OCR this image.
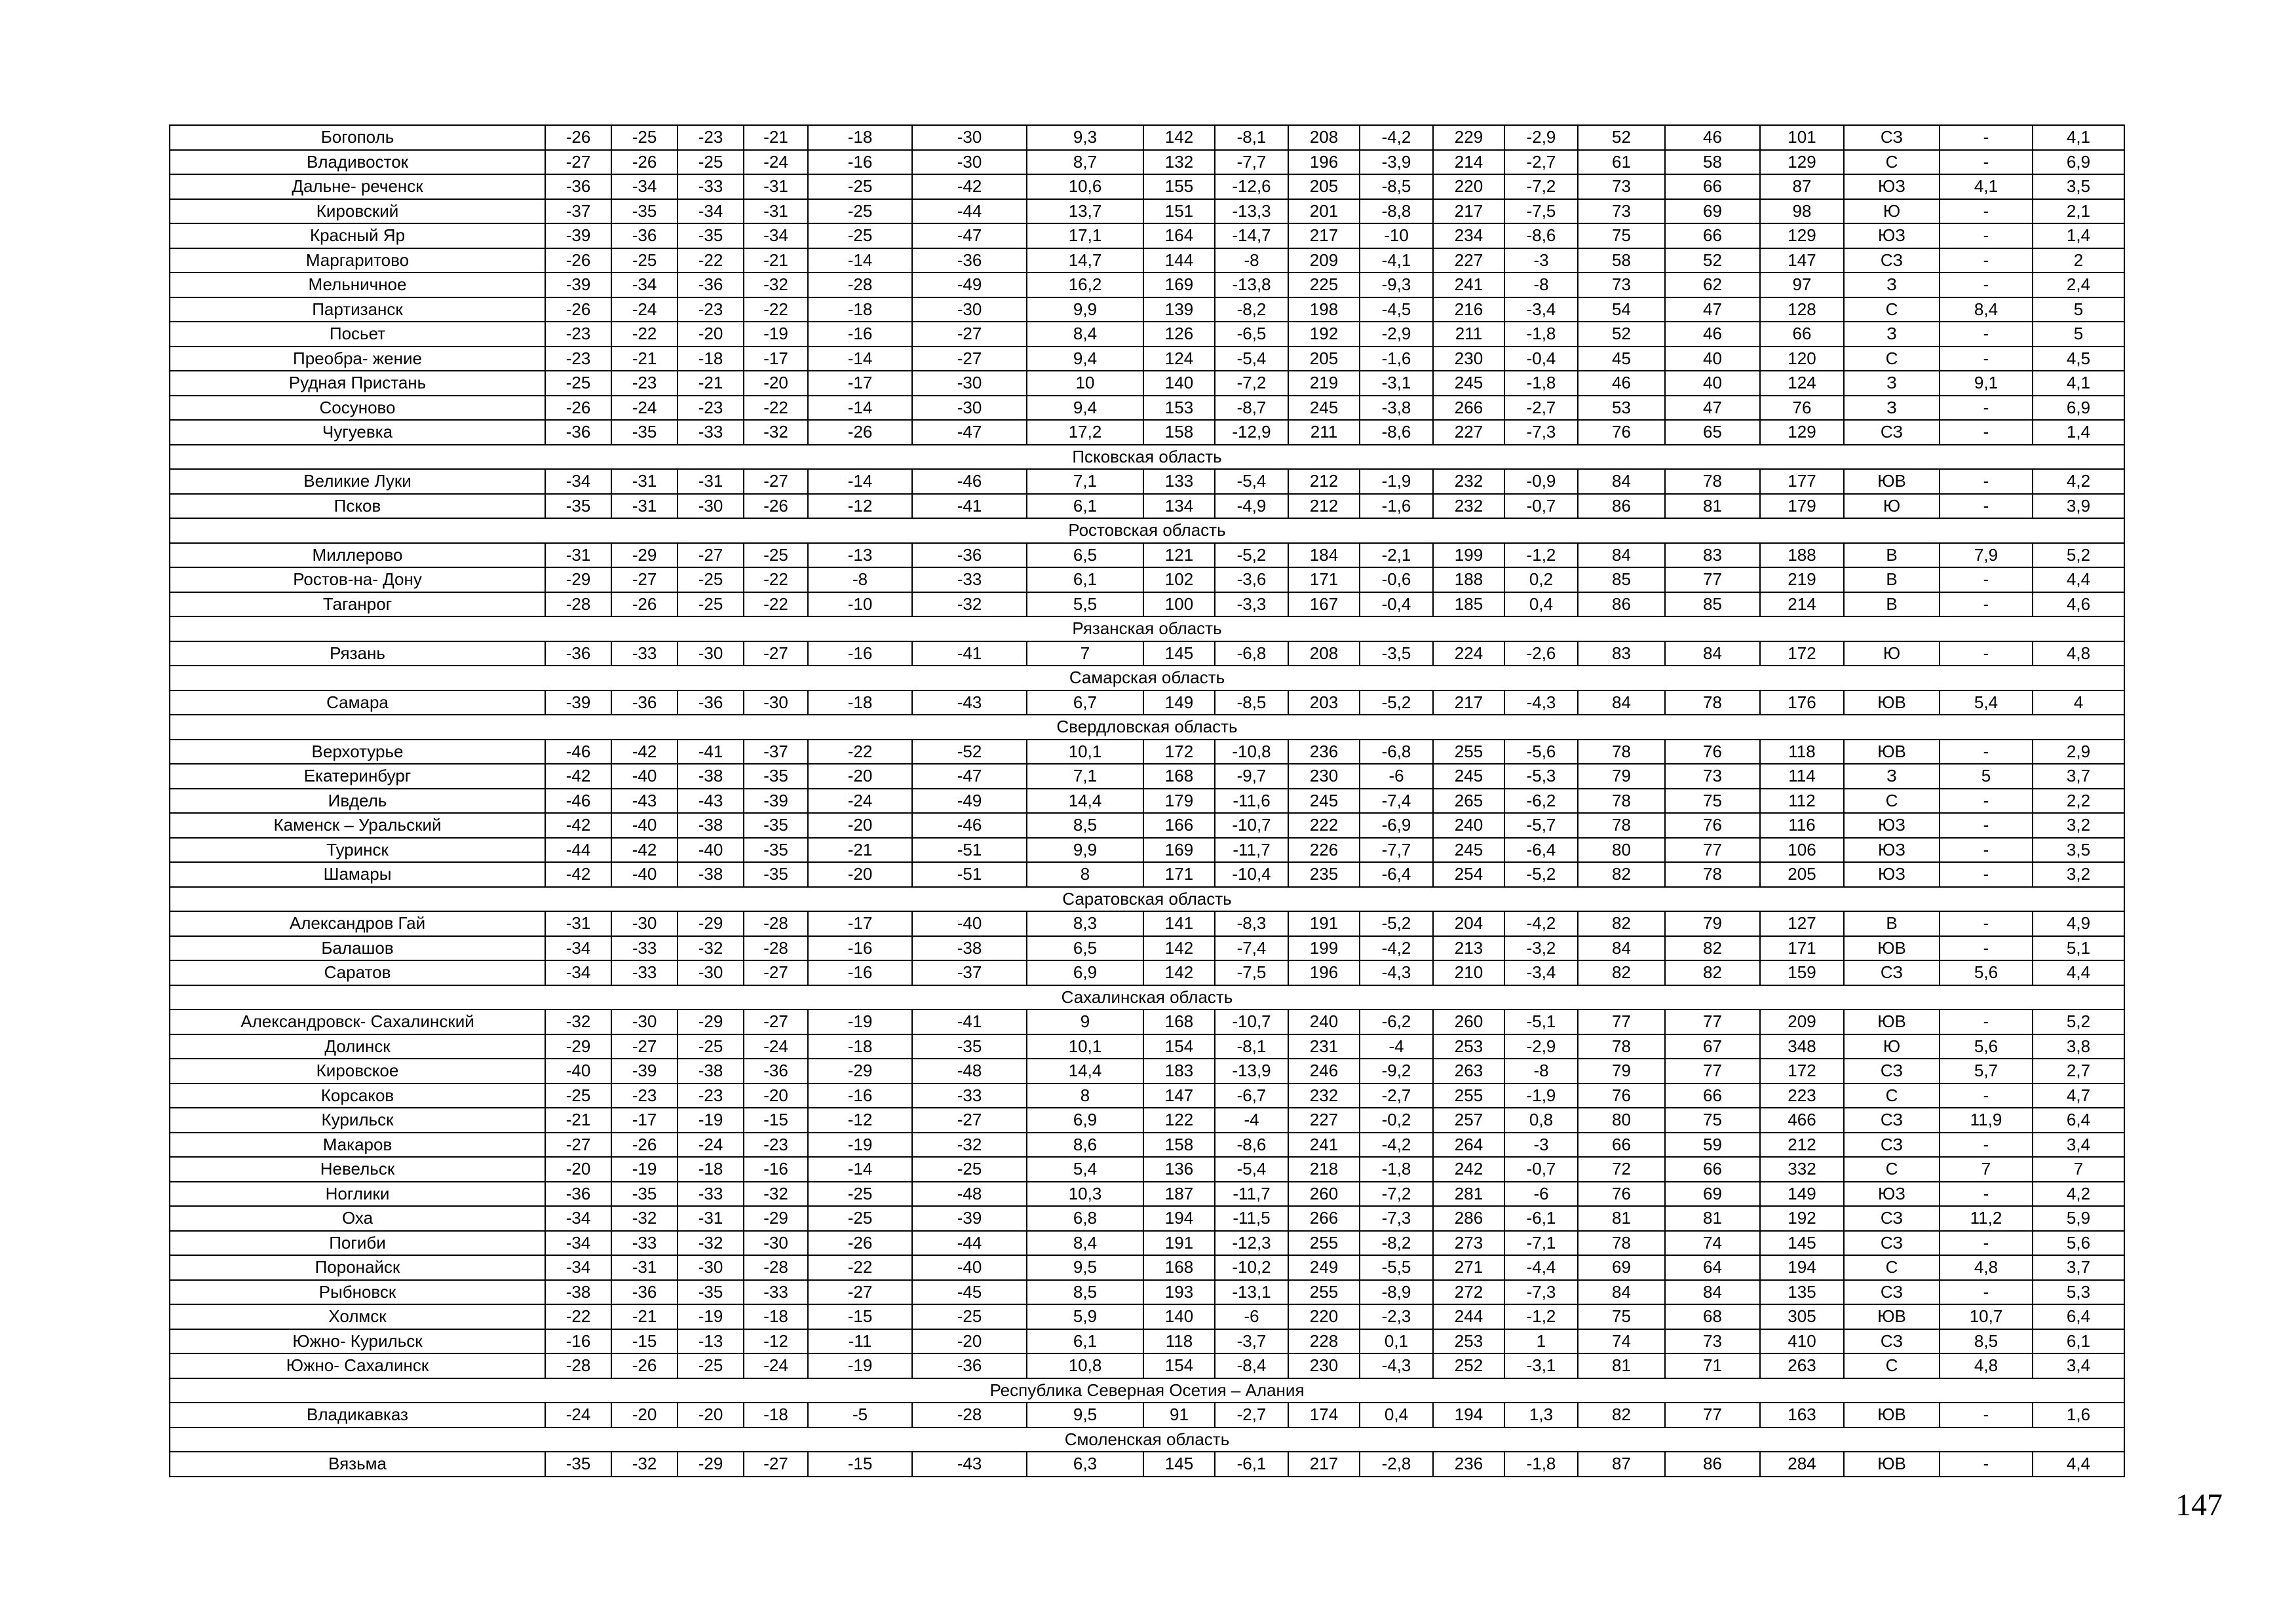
Богополь	-26	-25	-23	-21	-18	-30	9,3	142	-8,1	208	-4,2	229	-2,9	52	46	101	СЗ	-	4,1
Владивосток	-27	-26	-25	-24	-16	-30	8,7	132	-7,7	196	-3,9	214	-2,7	61	58	129	С	-	6,9
Дальне- реченск	-36	-34	-33	-31	-25	-42	10,6	155	-12,6	205	-8,5	220	-7,2	73	66	87	ЮЗ	4,1	3,5
Кировский	-37	-35	-34	-31	-25	-44	13,7	151	-13,3	201	-8,8	217	-7,5	73	69	98	Ю	-	2,1
Красный Яр	-39	-36	-35	-34	-25	-47	17,1	164	-14,7	217	-10	234	-8,6	75	66	129	ЮЗ	-	1,4
Маргаритово	-26	-25	-22	-21	-14	-36	14,7	144	-8	209	-4,1	227	-3	58	52	147	СЗ	-	2
Мельничное	-39	-34	-36	-32	-28	-49	16,2	169	-13,8	225	-9,3	241	-8	73	62	97	З	-	2,4
Партизанск	-26	-24	-23	-22	-18	-30	9,9	139	-8,2	198	-4,5	216	-3,4	54	47	128	С	8,4	5
Посьет	-23	-22	-20	-19	-16	-27	8,4	126	-6,5	192	-2,9	211	-1,8	52	46	66	З	-	5
Преобра- жение	-23	-21	-18	-17	-14	-27	9,4	124	-5,4	205	-1,6	230	-0,4	45	40	120	С	-	4,5
Рудная Пристань	-25	-23	-21	-20	-17	-30	10	140	-7,2	219	-3,1	245	-1,8	46	40	124	З	9,1	4,1
Сосуново	-26	-24	-23	-22	-14	-30	9,4	153	-8,7	245	-3,8	266	-2,7	53	47	76	З	-	6,9
Чугуевка	-36	-35	-33	-32	-26	-47	17,2	158	-12,9	211	-8,6	227	-7,3	76	65	129	СЗ	-	1,4
Псковская область																			
Великие Луки	-34	-31	-31	-27	-14	-46	7,1	133	-5,4	212	-1,9	232	-0,9	84	78	177	ЮВ	-	4,2
Псков	-35	-31	-30	-26	-12	-41	6,1	134	-4,9	212	-1,6	232	-0,7	86	81	179	Ю	-	3,9
Ростовская область																			
Миллерово	-31	-29	-27	-25	-13	-36	6,5	121	-5,2	184	-2,1	199	-1,2	84	83	188	В	7,9	5,2
Ростов-на- Дону	-29	-27	-25	-22	-8	-33	6,1	102	-3,6	171	-0,6	188	0,2	85	77	219	В	-	4,4
Таганрог	-28	-26	-25	-22	-10	-32	5,5	100	-3,3	167	-0,4	185	0,4	86	85	214	В	-	4,6
Рязанская область																			
Рязань	-36	-33	-30	-27	-16	-41	7	145	-6,8	208	-3,5	224	-2,6	83	84	172	Ю	-	4,8
Самарская область																			
Самара	-39	-36	-36	-30	-18	-43	6,7	149	-8,5	203	-5,2	217	-4,3	84	78	176	ЮВ	5,4	4
Свердловская область																			
Верхотурье	-46	-42	-41	-37	-22	-52	10,1	172	-10,8	236	-6,8	255	-5,6	78	76	118	ЮВ	-	2,9
Екатеринбург	-42	-40	-38	-35	-20	-47	7,1	168	-9,7	230	-6	245	-5,3	79	73	114	З	5	3,7
Ивдель	-46	-43	-43	-39	-24	-49	14,4	179	-11,6	245	-7,4	265	-6,2	78	75	112	С	-	2,2
Каменск – Уральский	-42	-40	-38	-35	-20	-46	8,5	166	-10,7	222	-6,9	240	-5,7	78	76	116	ЮЗ	-	3,2
Туринск	-44	-42	-40	-35	-21	-51	9,9	169	-11,7	226	-7,7	245	-6,4	80	77	106	ЮЗ	-	3,5
Шамары	-42	-40	-38	-35	-20	-51	8	171	-10,4	235	-6,4	254	-5,2	82	78	205	ЮЗ	-	3,2
Саратовская область																			
Александров Гай	-31	-30	-29	-28	-17	-40	8,3	141	-8,3	191	-5,2	204	-4,2	82	79	127	В	-	4,9
Балашов	-34	-33	-32	-28	-16	-38	6,5	142	-7,4	199	-4,2	213	-3,2	84	82	171	ЮВ	-	5,1
Саратов	-34	-33	-30	-27	-16	-37	6,9	142	-7,5	196	-4,3	210	-3,4	82	82	159	СЗ	5,6	4,4
Сахалинская область																			
Александровск- Сахалинский	-32	-30	-29	-27	-19	-41	9	168	-10,7	240	-6,2	260	-5,1	77	77	209	ЮВ	-	5,2
Долинск	-29	-27	-25	-24	-18	-35	10,1	154	-8,1	231	-4	253	-2,9	78	67	348	Ю	5,6	3,8
Кировское	-40	-39	-38	-36	-29	-48	14,4	183	-13,9	246	-9,2	263	-8	79	77	172	СЗ	5,7	2,7
Корсаков	-25	-23	-23	-20	-16	-33	8	147	-6,7	232	-2,7	255	-1,9	76	66	223	С	-	4,7
Курильск	-21	-17	-19	-15	-12	-27	6,9	122	-4	227	-0,2	257	0,8	80	75	466	СЗ	11,9	6,4
Макаров	-27	-26	-24	-23	-19	-32	8,6	158	-8,6	241	-4,2	264	-3	66	59	212	СЗ	-	3,4
Невельск	-20	-19	-18	-16	-14	-25	5,4	136	-5,4	218	-1,8	242	-0,7	72	66	332	С	7	7
Ноглики	-36	-35	-33	-32	-25	-48	10,3	187	-11,7	260	-7,2	281	-6	76	69	149	ЮЗ	-	4,2
Оха	-34	-32	-31	-29	-25	-39	6,8	194	-11,5	266	-7,3	286	-6,1	81	81	192	СЗ	11,2	5,9
Погиби	-34	-33	-32	-30	-26	-44	8,4	191	-12,3	255	-8,2	273	-7,1	78	74	145	СЗ	-	5,6
Поронайск	-34	-31	-30	-28	-22	-40	9,5	168	-10,2	249	-5,5	271	-4,4	69	64	194	С	4,8	3,7
Рыбновск	-38	-36	-35	-33	-27	-45	8,5	193	-13,1	255	-8,9	272	-7,3	84	84	135	СЗ	-	5,3
Холмск	-22	-21	-19	-18	-15	-25	5,9	140	-6	220	-2,3	244	-1,2	75	68	305	ЮВ	10,7	6,4
Южно- Курильск	-16	-15	-13	-12	-11	-20	6,1	118	-3,7	228	0,1	253	1	74	73	410	СЗ	8,5	6,1
Южно- Сахалинск	-28	-26	-25	-24	-19	-36	10,8	154	-8,4	230	-4,3	252	-3,1	81	71	263	С	4,8	3,4
Республика Северная Осетия – Алания																			
Владикавказ	-24	-20	-20	-18	-5	-28	9,5	91	-2,7	174	0,4	194	1,3	82	77	163	ЮВ	-	1,6
Смоленская область																			
Вязьма	-35	-32	-29	-27	-15	-43	6,3	145	-6,1	217	-2,8	236	-1,8	87	86	284	ЮВ	-	4,4
147
